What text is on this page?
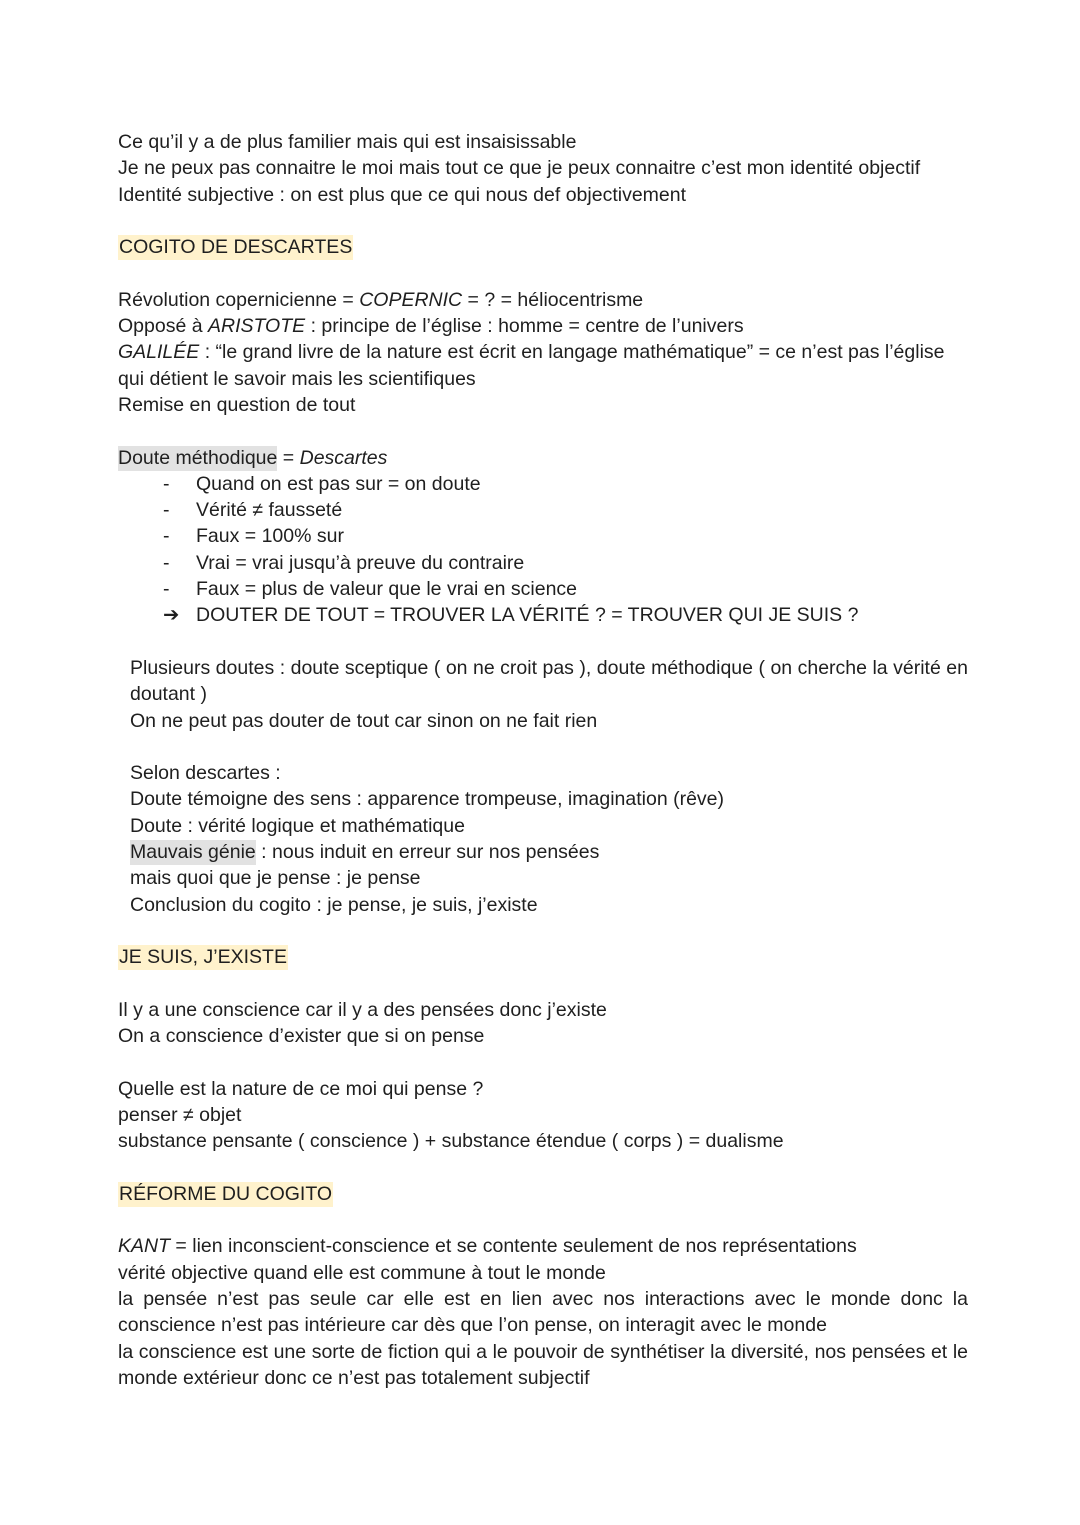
Ce qu’il y a de plus familier mais qui est insaisissable
Je ne peux pas connaitre le moi mais tout ce que je peux connaitre c’est mon identité objectif
Identité subjective : on est plus que ce qui nous def objectivement
COGITO DE DESCARTES
Révolution copernicienne = COPERNIC = ? = héliocentrisme
Opposé à ARISTOTE : principe de l’église : homme = centre de l’univers
GALILÉE : “le grand livre de la nature est écrit en langage mathématique” = ce n’est pas l’église qui détient le savoir mais les scientifiques
Remise en question de tout
Doute méthodique = Descartes
-	Quand on est pas sur = on doute
-	Vérité ≠ fausseté
-	Faux = 100% sur
-	Vrai = vrai jusqu’à preuve du contraire
-	Faux = plus de valeur que le vrai en science
➔ DOUTER DE TOUT = TROUVER LA VÉRITÉ ? = TROUVER QUI JE SUIS ?
Plusieurs doutes : doute sceptique ( on ne croit pas ), doute méthodique ( on cherche la vérité en doutant )
On ne peut pas douter de tout car sinon on ne fait rien
Selon descartes :
Doute témoigne des sens : apparence trompeuse, imagination (rêve)
Doute : vérité logique et mathématique
Mauvais génie : nous induit en erreur sur nos pensées
mais quoi que je pense : je pense
Conclusion du cogito : je pense, je suis, j’existe
JE SUIS, J’EXISTE
Il y a une conscience car il y a des pensées donc j’existe
On a conscience d’exister que si on pense
Quelle est la nature de ce moi qui pense ?
penser ≠ objet
substance pensante ( conscience ) + substance étendue ( corps ) = dualisme
RÉFORME DU COGITO
KANT = lien inconscient-conscience et se contente seulement de nos représentations
vérité objective quand elle est commune à tout le monde
la pensée n’est pas seule car elle est en lien avec nos interactions avec le monde donc la conscience n’est pas intérieure car dès que l’on pense, on interagit avec le monde
la conscience est une sorte de fiction qui a le pouvoir de synthétiser la diversité, nos pensées et le monde extérieur donc ce n’est pas totalement subjectif
